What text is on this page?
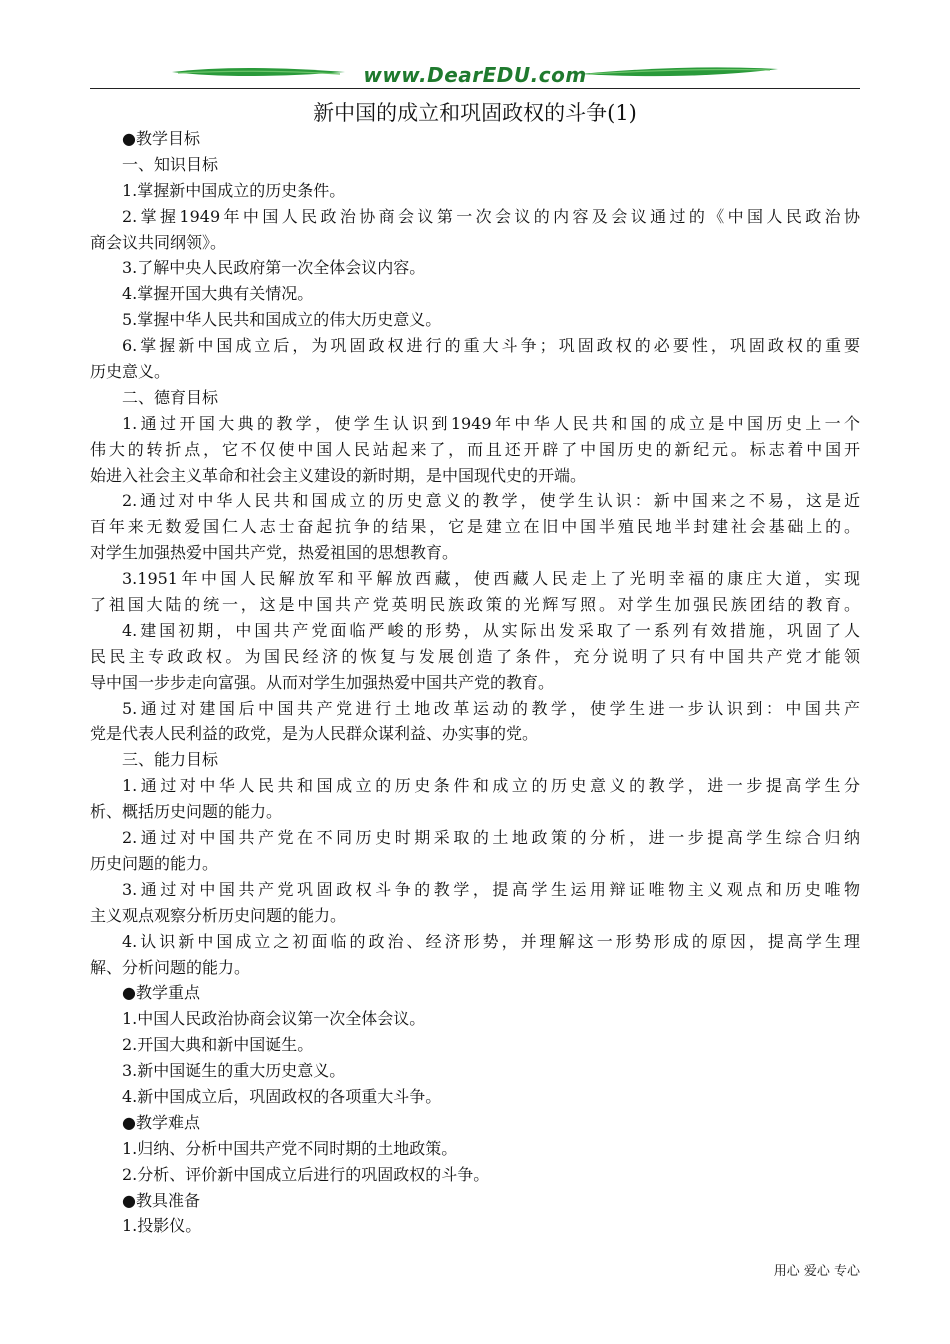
www.DearEDU.com
新中国的成立和巩固政权的斗争(1)
●教学目标
一、知识目标
1.掌握新中国成立的历史条件。
2.掌握1949年中国人民政治协商会议第一次会议的内容及会议通过的《中国人民政治协
商会议共同纲领》。
3.了解中央人民政府第一次全体会议内容。
4.掌握开国大典有关情况。
5.掌握中华人民共和国成立的伟大历史意义。
6.掌握新中国成立后，为巩固政权进行的重大斗争；巩固政权的必要性，巩固政权的重要
历史意义。
二、德育目标
1.通过开国大典的教学，使学生认识到1949年中华人民共和国的成立是中国历史上一个
伟大的转折点，它不仅使中国人民站起来了，而且还开辟了中国历史的新纪元。标志着中国开
始进入社会主义革命和社会主义建设的新时期，是中国现代史的开端。
2.通过对中华人民共和国成立的历史意义的教学，使学生认识：新中国来之不易，这是近
百年来无数爱国仁人志士奋起抗争的结果，它是建立在旧中国半殖民地半封建社会基础上的。
对学生加强热爱中国共产党，热爱祖国的思想教育。
3.1951年中国人民解放军和平解放西藏，使西藏人民走上了光明幸福的康庄大道，实现
了祖国大陆的统一，这是中国共产党英明民族政策的光辉写照。对学生加强民族团结的教育。
4.建国初期，中国共产党面临严峻的形势，从实际出发采取了一系列有效措施，巩固了人
民民主专政政权。为国民经济的恢复与发展创造了条件，充分说明了只有中国共产党才能领
导中国一步步走向富强。从而对学生加强热爱中国共产党的教育。
5.通过对建国后中国共产党进行土地改革运动的教学，使学生进一步认识到：中国共产
党是代表人民利益的政党，是为人民群众谋利益、办实事的党。
三、能力目标
1.通过对中华人民共和国成立的历史条件和成立的历史意义的教学，进一步提高学生分
析、概括历史问题的能力。
2.通过对中国共产党在不同历史时期采取的土地政策的分析，进一步提高学生综合归纳
历史问题的能力。
3.通过对中国共产党巩固政权斗争的教学，提高学生运用辩证唯物主义观点和历史唯物
主义观点观察分析历史问题的能力。
4.认识新中国成立之初面临的政治、经济形势，并理解这一形势形成的原因，提高学生理
解、分析问题的能力。
●教学重点
1.中国人民政治协商会议第一次全体会议。
2.开国大典和新中国诞生。
3.新中国诞生的重大历史意义。
4.新中国成立后，巩固政权的各项重大斗争。
●教学难点
1.归纳、分析中国共产党不同时期的土地政策。
2.分析、评价新中国成立后进行的巩固政权的斗争。
●教具准备
1.投影仪。
用心 爱心 专心
